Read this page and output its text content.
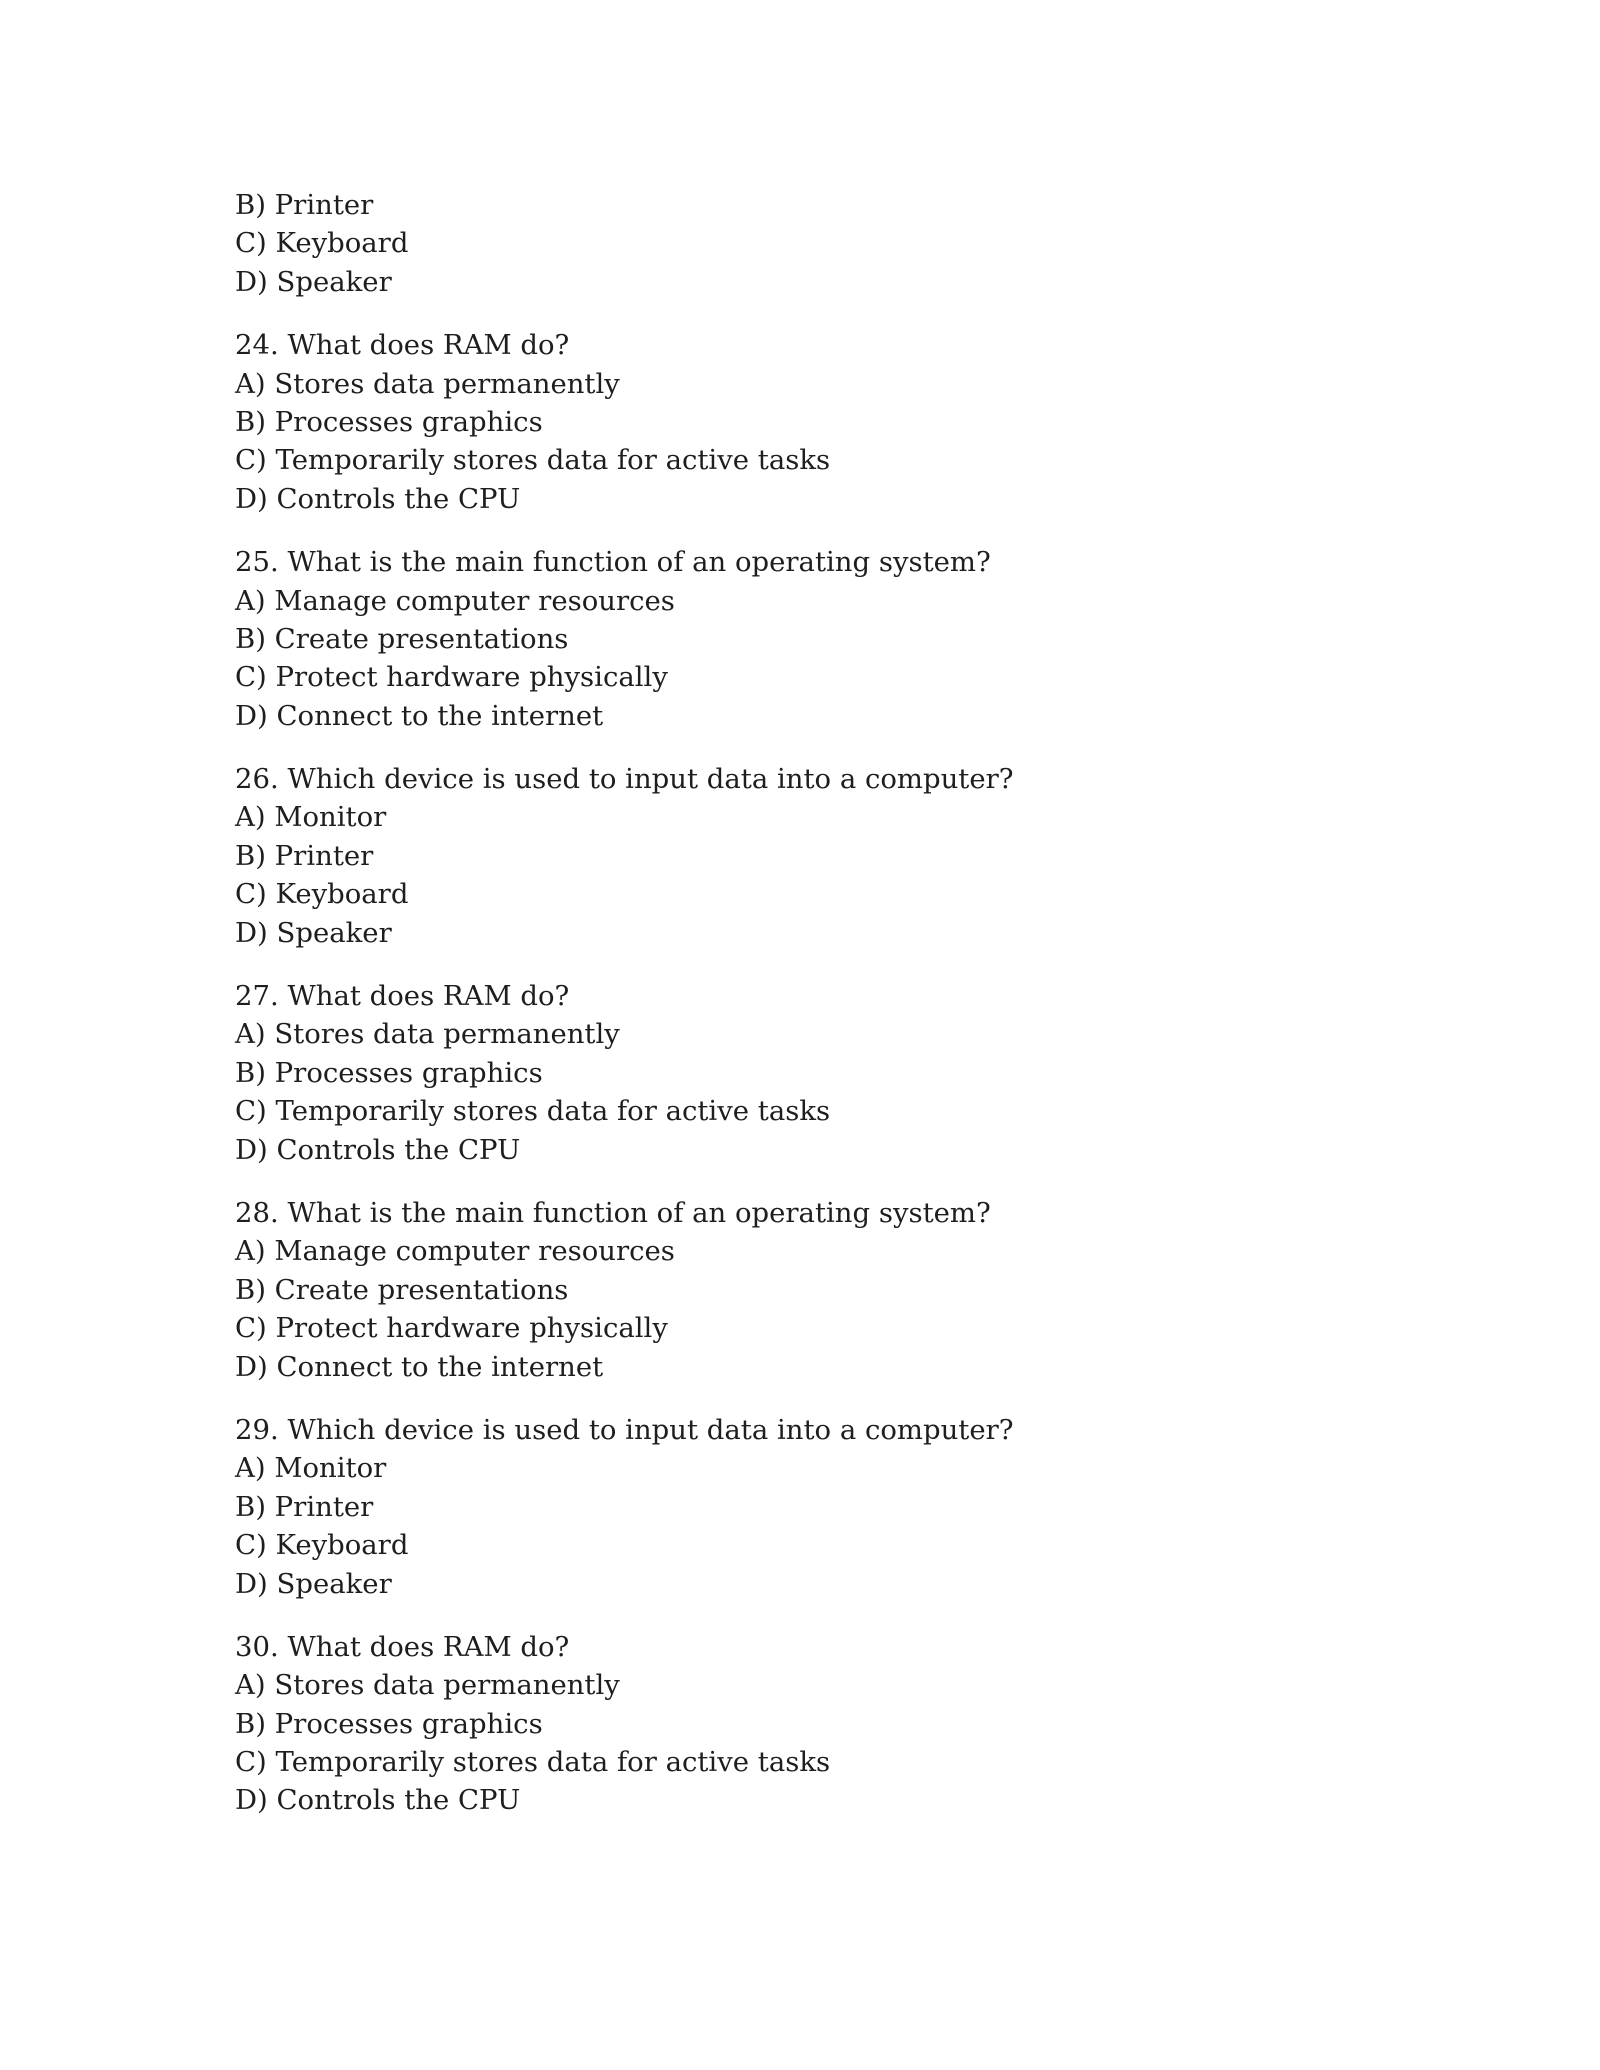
B) Printer
C) Keyboard
D) Speaker
24. What does RAM do?
A) Stores data permanently
B) Processes graphics
C) Temporarily stores data for active tasks
D) Controls the CPU
25. What is the main function of an operating system?
A) Manage computer resources
B) Create presentations
C) Protect hardware physically
D) Connect to the internet
26. Which device is used to input data into a computer?
A) Monitor
B) Printer
C) Keyboard
D) Speaker
27. What does RAM do?
A) Stores data permanently
B) Processes graphics
C) Temporarily stores data for active tasks
D) Controls the CPU
28. What is the main function of an operating system?
A) Manage computer resources
B) Create presentations
C) Protect hardware physically
D) Connect to the internet
29. Which device is used to input data into a computer?
A) Monitor
B) Printer
C) Keyboard
D) Speaker
30. What does RAM do?
A) Stores data permanently
B) Processes graphics
C) Temporarily stores data for active tasks
D) Controls the CPU
